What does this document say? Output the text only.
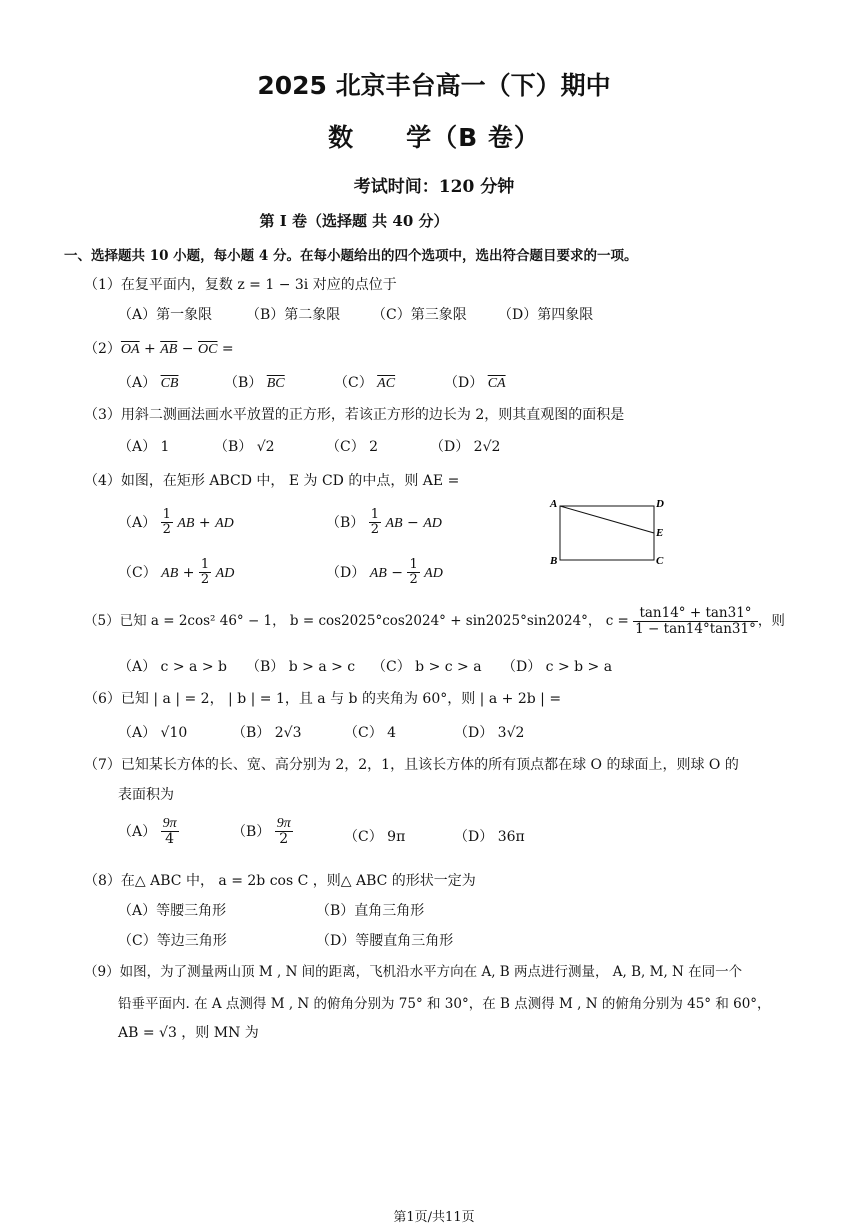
2025 北京丰台高一（下）期中
数　　学（B 卷）
考试时间：120 分钟
第 I 卷（选择题 共 40 分）
一、选择题共 10 小题，每小题 4 分。在每小题给出的四个选项中，选出符合题目要求的一项。
（1）在复平面内，复数 z = 1 − 3i 对应的点位于
（A）第一象限 （B）第二象限 （C）第三象限 （D）第四象限
$(2)\overline{OA} + \overline{AB} - \overline{OC}$ =
（A） $\overline{CB}$	（B） $\overline{BC}$	（C） $\overline{AC}$	（D） $\overline{CA}$
（3）用斜二测画法画水平放置的正方形，若该正方形的边长为 2，则其直观图的面积是
（A） 1	（B） √2	（C） 2	（D） 2√2
（4）如图，在矩形 ABCD 中， E 为 CD 的中点，则 AE =
$(A) \frac{1}{2}$ AB + AD	$(B) \frac{1}{2}$ AB − AD
（C） AB + $\frac{1}{2}$ AD	（D） AB − $\frac{1}{2}$ AD
A	D
E
B	C
（5）已知 a = 2cos² 46° − 1， b = cos2025°cos2024° + sin2025°sin2024°， $c = \frac{\tan 14^\circ + \tan 31^\circ}{1 - \tan 14^\circ\tan 31^\circ}$ ，则
（A） c > a > b （B） b > a > c （C） b > c > a （D） c > b > a
（6）已知 | a | = 2， | b | = 1，且 a 与 b 的夹角为 60°，则 | a + 2b | =
（A） √10	（B） 2√3	（C） 4	（D） 3√2
（7）已知某长方体的长、宽、高分别为 2，2，1，且该长方体的所有顶点都在球 O 的球面上，则球 O 的
表面积为
$(A) \frac{9\pi}{4}$	$(B) \frac{9\pi}{2}$	（C） 9π	（D） 36π
（8）在△ ABC 中， a = 2b cos C ，则△ ABC 的形状一定为
（A）等腰三角形	（B）直角三角形
（C）等边三角形	（D）等腰直角三角形
（9）如图，为了测量两山顶 M , N 间的距离，飞机沿水平方向在 A, B 两点进行测量， A, B, M, N 在同一个
铅垂平面内. 在 A 点测得 M , N 的俯角分别为 75° 和 30°，在 B 点测得 M , N 的俯角分别为 45° 和 60°，
AB = √3 ，则 MN 为
第1页/共11页
